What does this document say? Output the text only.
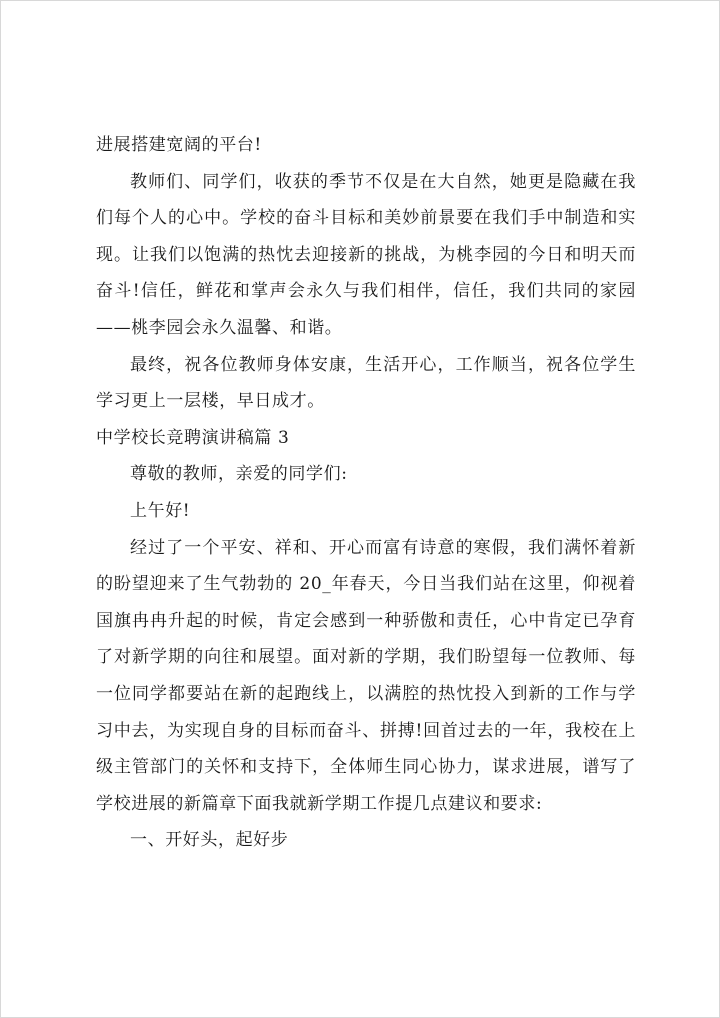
进展搭建宽阔的平台!

教师们、同学们，收获的季节不仅是在大自然，她更是隐藏在我们每个人的心中。学校的奋斗目标和美妙前景要在我们手中制造和实现。让我们以饱满的热忱去迎接新的挑战，为桃李园的今日和明天而奋斗!信任，鲜花和掌声会永久与我们相伴，信任，我们共同的家园——桃李园会永久温馨、和谐。

最终，祝各位教师身体安康，生活开心，工作顺当，祝各位学生学习更上一层楼，早日成才。

中学校长竞聘演讲稿篇 3

尊敬的教师，亲爱的同学们:

上午好!

经过了一个平安、祥和、开心而富有诗意的寒假，我们满怀着新的盼望迎来了生气勃勃的 20_年春天，今日当我们站在这里，仰视着国旗冉冉升起的时候，肯定会感到一种骄傲和责任，心中肯定已孕育了对新学期的向往和展望。面对新的学期，我们盼望每一位教师、每一位同学都要站在新的起跑线上，以满腔的热忱投入到新的工作与学习中去，为实现自身的目标而奋斗、拼搏!回首过去的一年，我校在上级主管部门的关怀和支持下，全体师生同心协力，谋求进展，谱写了学校进展的新篇章下面我就新学期工作提几点建议和要求:

一、开好头，起好步
